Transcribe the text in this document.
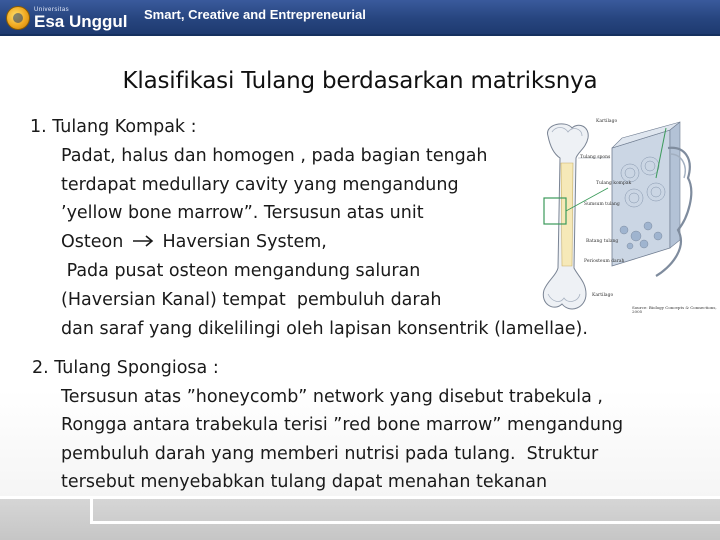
Universitas
Esa Unggul Smart, Creative and Entrepreneurial
Klasifikasi Tulang berdasarkan matriksnya
1. Tulang Kompak :
Padat, halus dan homogen , pada bagian tengah
terdapat medullary cavity yang mengandung
’yellow bone marrow”. Tersusun atas unit
Osteon Haversian System,
Pada pusat osteon mengandung saluran
(Haversian Kanal) tempat  pembuluh darah
dan saraf yang dikelilingi oleh lapisan konsentrik (lamellae).
2. Tulang Spongiosa :
Tersusun atas ”honeycomb” network yang disebut trabekula ,
Rongga antara trabekula terisi ”red bone marrow” mengandung
pembuluh darah yang memberi nutrisi pada tulang.  Struktur
tersebut menyebabkan tulang dapat menahan tekanan
Kartilago
Tulang spons
Tulang kompak
Sumsum tulang
Batang tulang
Periosteum darah
Kartilago
Source: Biology Concepts & Connections, 2005
